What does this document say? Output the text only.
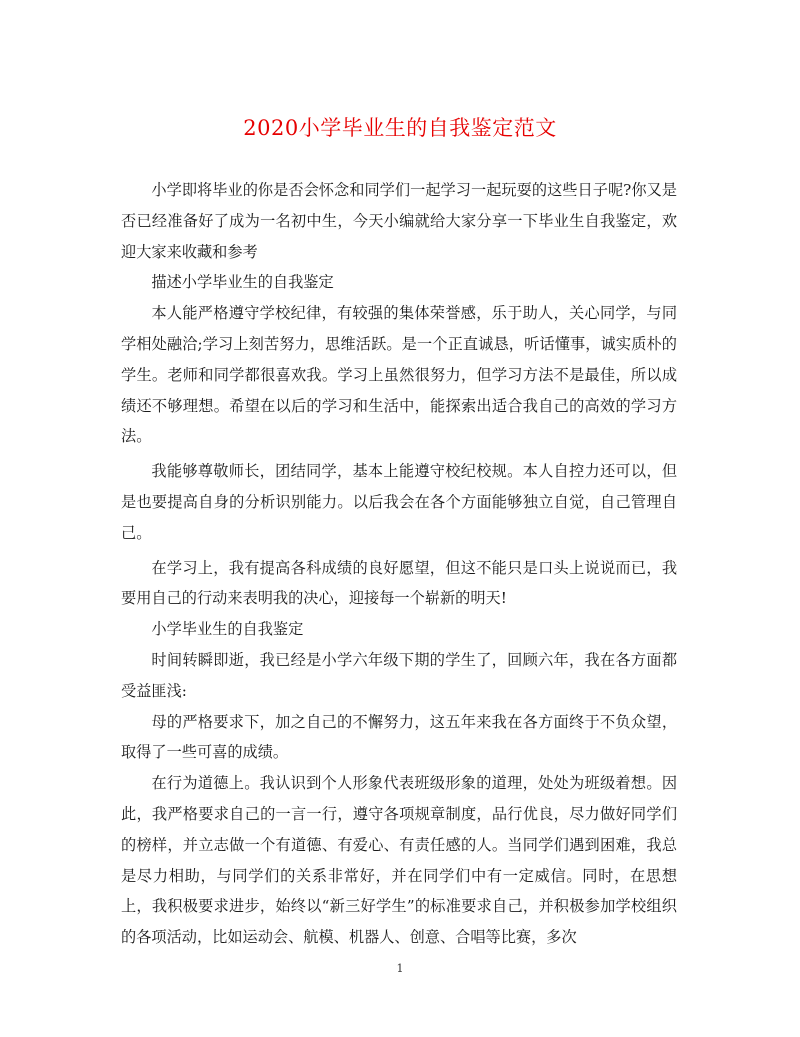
2020小学毕业生的自我鉴定范文

小学即将毕业的你是否会怀念和同学们一起学习一起玩耍的这些日子呢?你又是否已经准备好了成为一名初中生，今天小编就给大家分享一下毕业生自我鉴定，欢迎大家来收藏和参考

描述小学毕业生的自我鉴定

本人能严格遵守学校纪律，有较强的集体荣誉感，乐于助人，关心同学，与同学相处融洽;学习上刻苦努力，思维活跃。是一个正直诚恳，听话懂事，诚实质朴的学生。老师和同学都很喜欢我。学习上虽然很努力，但学习方法不是最佳，所以成绩还不够理想。希望在以后的学习和生活中，能探索出适合我自己的高效的学习方法。

我能够尊敬师长，团结同学，基本上能遵守校纪校规。本人自控力还可以，但是也要提高自身的分析识别能力。以后我会在各个方面能够独立自觉，自己管理自己。

在学习上，我有提高各科成绩的良好愿望，但这不能只是口头上说说而已，我要用自己的行动来表明我的决心，迎接每一个崭新的明天!

小学毕业生的自我鉴定

时间转瞬即逝，我已经是小学六年级下期的学生了，回顾六年，我在各方面都受益匪浅:

母的严格要求下，加之自己的不懈努力，这五年来我在各方面终于不负众望，取得了一些可喜的成绩。

在行为道德上。我认识到个人形象代表班级形象的道理，处处为班级着想。因此，我严格要求自己的一言一行，遵守各项规章制度，品行优良，尽力做好同学们的榜样，并立志做一个有道德、有爱心、有责任感的人。当同学们遇到困难，我总是尽力相助，与同学们的关系非常好，并在同学们中有一定威信。同时，在思想上，我积极要求进步，始终以“新三好学生”的标准要求自己，并积极参加学校组织的各项活动，比如运动会、航模、机器人、创意、合唱等比赛，多次

1
